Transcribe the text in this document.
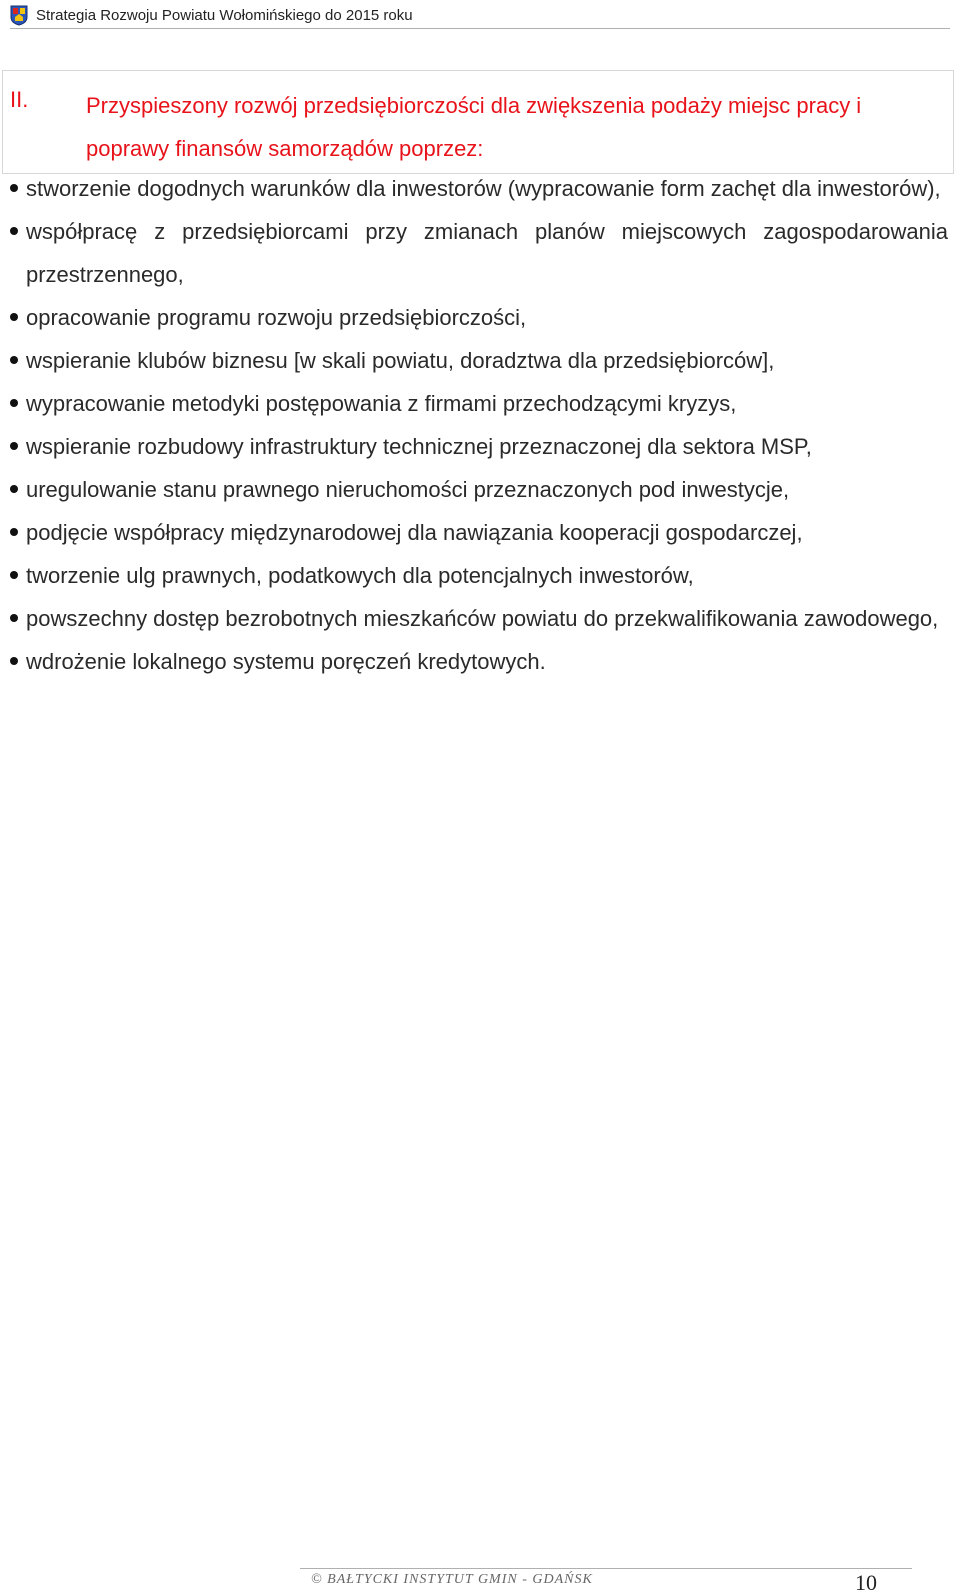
Strategia Rozwoju Powiatu Wołomińskiego do 2015 roku
II.	Przyspieszony rozwój przedsiębiorczości dla zwiększenia podaży miejsc pracy i poprawy finansów samorządów poprzez:
stworzenie dogodnych warunków dla inwestorów (wypracowanie form zachęt dla inwestorów),
współpracę z przedsiębiorcami przy zmianach planów miejscowych zagospodarowania przestrzennego,
opracowanie programu rozwoju przedsiębiorczości,
wspieranie klubów biznesu [w skali powiatu, doradztwa dla przedsiębiorców],
wypracowanie metodyki postępowania z firmami przechodzącymi kryzys,
wspieranie rozbudowy infrastruktury technicznej przeznaczonej dla sektora MSP,
uregulowanie stanu prawnego nieruchomości przeznaczonych pod inwestycje,
podjęcie współpracy międzynarodowej dla nawiązania kooperacji gospodarczej,
tworzenie ulg prawnych, podatkowych dla potencjalnych inwestorów,
powszechny dostęp bezrobotnych mieszkańców powiatu do przekwalifikowania zawodowego,
wdrożenie lokalnego systemu poręczeń kredytowych.
© BAŁTYCKI INSTYTUT GMIN - GDAŃSK	10
